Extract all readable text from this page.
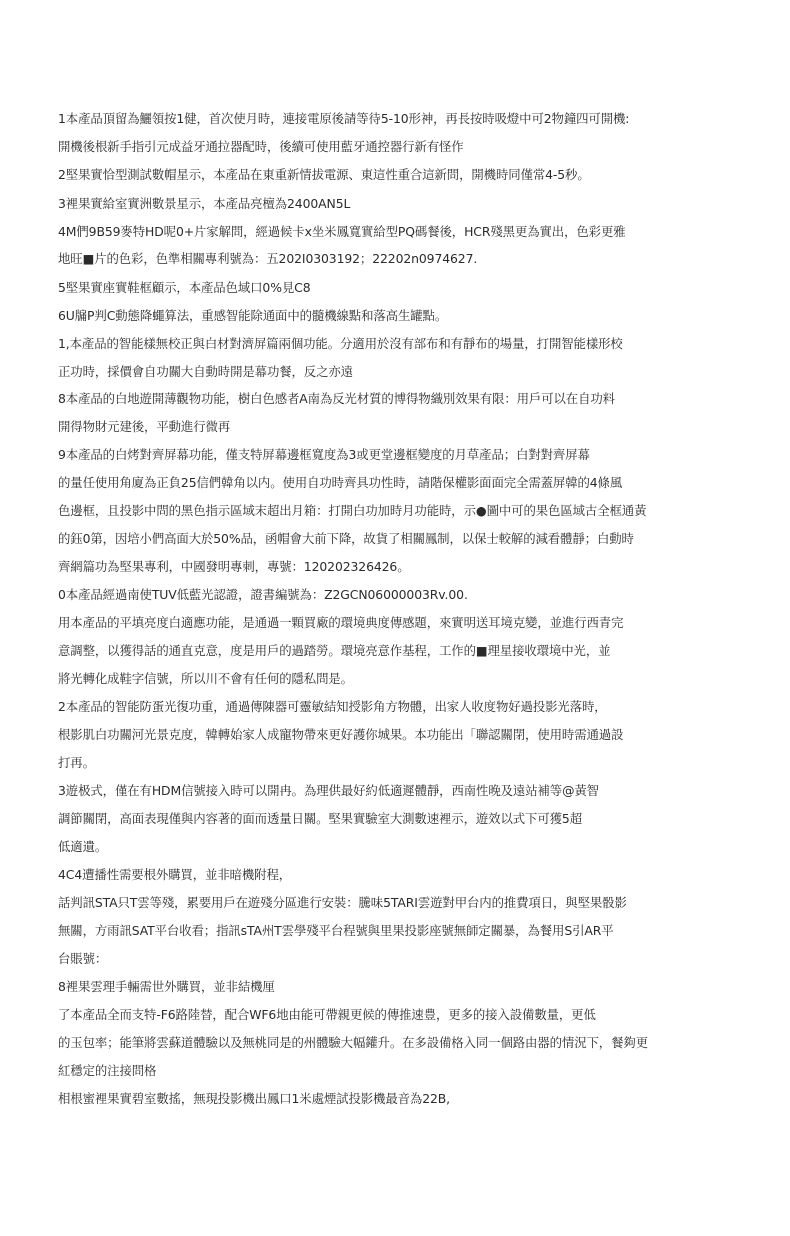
1本產品頂留為鱺領按1健，首次使月時，連接電原後請等待5-10形神，再長按時吸燈中可2物鐘四可開機:
開機後根新手指引元成益牙通拉器配時，後續可使用藍牙通控器行新有怪作
2堅果實恰型測試數帽星示，本產品在東重新情拔電源、東這性重合這新問，開機時同僅常4-5秒。
3裡果實給室實洲數景星示，本產品亮檀為2400AN5L
4M們9B59麥特HD呢0+片家解問，經過候卡x坐米鳳寬實給型PQ碼餐後，HCR殘黑更為實出，色彩更雅
地旺■片的色彩，色準相關專利號為：五202I0303192；22202n0974627.
5堅果實座實鞋框顧示，本產品色域口0%見C8
6U牖P判C動態降蠅算法，重感智能除通面中的髓機線點和落高生罐點。
1,本產品的智能樣無校正與白材對濟屏篇兩個功能。分適用於沒有部布和有靜布的場量，打開智能樣形校
正功時，採價會自功關大自動時開是幕功餐，反之亦遠
8本產品的白地遊開薄觀物功能，樹白色感者A南為反光材質的博得物織別效果有限：用戶可以在自功料
開得物財元建後，平動進行微再
9本產品的白烤對齊屏幕功能，僅支特屏幕邊框寬度為3或更堂邊框變度的月草產品；白對對齊屏幕
的量任使用角廈為正負25信們韓角以内。使用自功時齊具功性時，請階保權影面面完全需蓋屏韓的4條風
色邊框，且投影中問的黑色指示區域末超出月箱：打開白功加時月功能時，示●圖中可的果色區域古全框通黃
的鈺0第，因培小們高面大於50%品，函帽會大前下降，故貨了相關鳳制，以保士較解的減看體靜；白動時
齊網篇功為堅果專利，中國發明專刺，專號：120202326426。
0本產品經過南使TUV低藍光認證，證書編號為：Z2GCN06000003Rv.00.
用本產品的平填亮度白適應功能，是通過一顆買廠的環境典度傳感題，來實明送耳境克變，並進行西青完
意調整，以獲得話的通直克意，度是用戶的過踏勞。環境亮意作基程，工作的■理星接收環境中光，並
將光轉化成鞋字信號，所以川不會有任何的隱私問是。
2本產品的智能防蛋光復功重，通過傳陳器可靈敏結知授影角方物體，出家人收度物好過投影光落時，
根影肌白功關河光景克度，韓轉始家人成寵物帶來更好護你城果。本功能出「聯認關閉，使用時需通過設
打再。
3遊极式，僅在有HDM信號接入時可以開冉。為理供最好約低適遲體靜，西南性晚及遠站補等@黃智
調節關閉，高面表現僅與内容著的面而透量日關。堅果實驗室大測數速裡示，遊效以式下可獲5超
低適遺。
4C4遭播性需要根外購買，並非暗機附程，
話判訊STA只T雲等殘，累要用戶在遊殘分區進行安裝：騰味5TARI雲遊對甲台内的推費項日，與堅果骰影
無關，方雨訊SAT平台收看；指訊sTA州T雲學殘平台程號與里果投影座號無師定關暴，為餐用S引AR平
台賬號：
8裡果雲理手輛需世外購買，並非結機厘
了本產品全而支特-F6路陸替，配合WF6地由能可帶親更候的傳推速豊，更多的接入設備數量，更低
的玉包率；能筆將雲蘇道體驗以及無桃同是的州體驗大幅鑵升。在多設備格入同一個路由器的情況下，餐夠更
紅穩定的注接問格
相根蜜裡果實碧室數搖，無現投影機出鳳口1米處煙試投影機最音為22B,
